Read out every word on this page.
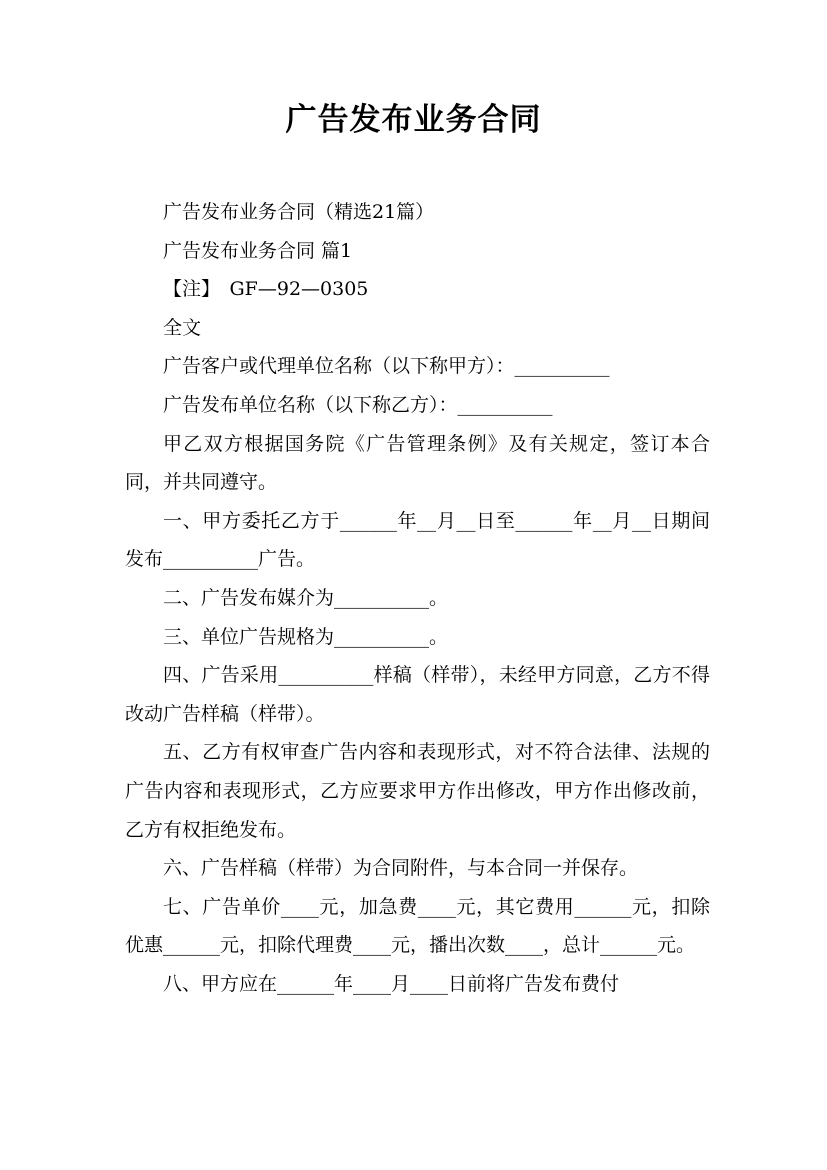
广告发布业务合同

广告发布业务合同（精选21篇）

广告发布业务合同 篇1

【注】　GF—92—0305

全文

广告客户或代理单位名称（以下称甲方）：__________

广告发布单位名称（以下称乙方）：__________

甲乙双方根据国务院《广告管理条例》及有关规定，签订本合同，并共同遵守。

一、甲方委托乙方于______年__月__日至______年__月__日期间发布__________广告。

二、广告发布媒介为__________。

三、单位广告规格为__________。

四、广告采用__________样稿（样带），未经甲方同意，乙方不得改动广告样稿（样带）。

五、乙方有权审查广告内容和表现形式，对不符合法律、法规的广告内容和表现形式，乙方应要求甲方作出修改，甲方作出修改前，乙方有权拒绝发布。

六、广告样稿（样带）为合同附件，与本合同一并保存。

七、广告单价____元，加急费____元，其它费用______元，扣除优惠______元，扣除代理费____元，播出次数____，总计______元。

八、甲方应在______年____月____日前将广告发布费付
